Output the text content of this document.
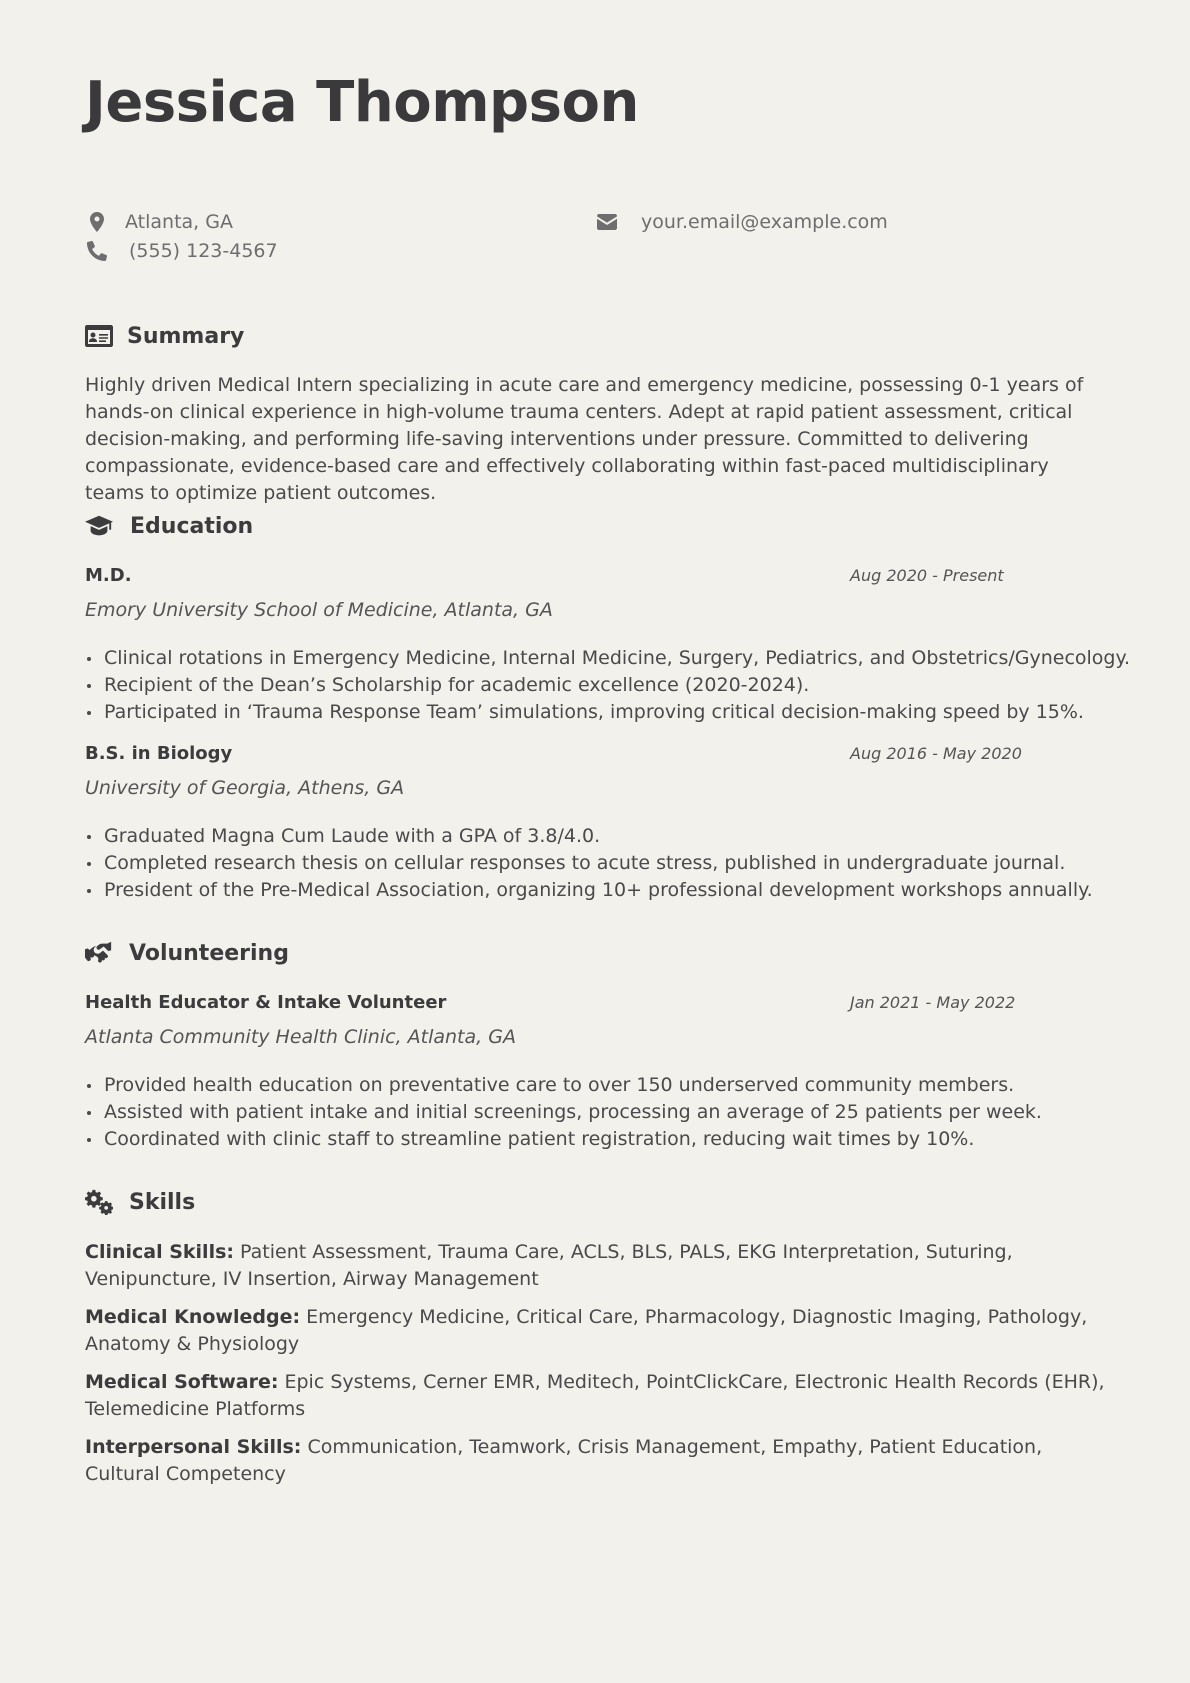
Jessica Thompson
Atlanta, GA
(555) 123-4567
your.email@example.com
Summary

Highly driven Medical Intern specializing in acute care and emergency medicine, possessing 0-1 years of hands-on clinical experience in high-volume trauma centers. Adept at rapid patient assessment, critical decision-making, and performing life-saving interventions under pressure. Committed to delivering compassionate, evidence-based care and effectively collaborating within fast-paced multidisciplinary teams to optimize patient outcomes.

Education
M.D.	Aug 2020 - Present
Emory University School of Medicine, Atlanta, GA
Clinical rotations in Emergency Medicine, Internal Medicine, Surgery, Pediatrics, and Obstetrics/Gynecology.
Recipient of the Dean’s Scholarship for academic excellence (2020-2024).
Participated in ‘Trauma Response Team’ simulations, improving critical decision-making speed by 15%.
B.S. in Biology	Aug 2016 - May 2020
University of Georgia, Athens, GA
Graduated Magna Cum Laude with a GPA of 3.8/4.0.
Completed research thesis on cellular responses to acute stress, published in undergraduate journal.
President of the Pre-Medical Association, organizing 10+ professional development workshops annually.
Volunteering
Health Educator & Intake Volunteer	Jan 2021 - May 2022
Atlanta Community Health Clinic, Atlanta, GA
Provided health education on preventative care to over 150 underserved community members.
Assisted with patient intake and initial screenings, processing an average of 25 patients per week.
Coordinated with clinic staff to streamline patient registration, reducing wait times by 10%.
Skills

Clinical Skills: Patient Assessment, Trauma Care, ACLS, BLS, PALS, EKG Interpretation, Suturing, Venipuncture, IV Insertion, Airway Management

Medical Knowledge: Emergency Medicine, Critical Care, Pharmacology, Diagnostic Imaging, Pathology, Anatomy & Physiology

Medical Software: Epic Systems, Cerner EMR, Meditech, PointClickCare, Electronic Health Records (EHR), Telemedicine Platforms

Interpersonal Skills: Communication, Teamwork, Crisis Management, Empathy, Patient Education, Cultural Competency
